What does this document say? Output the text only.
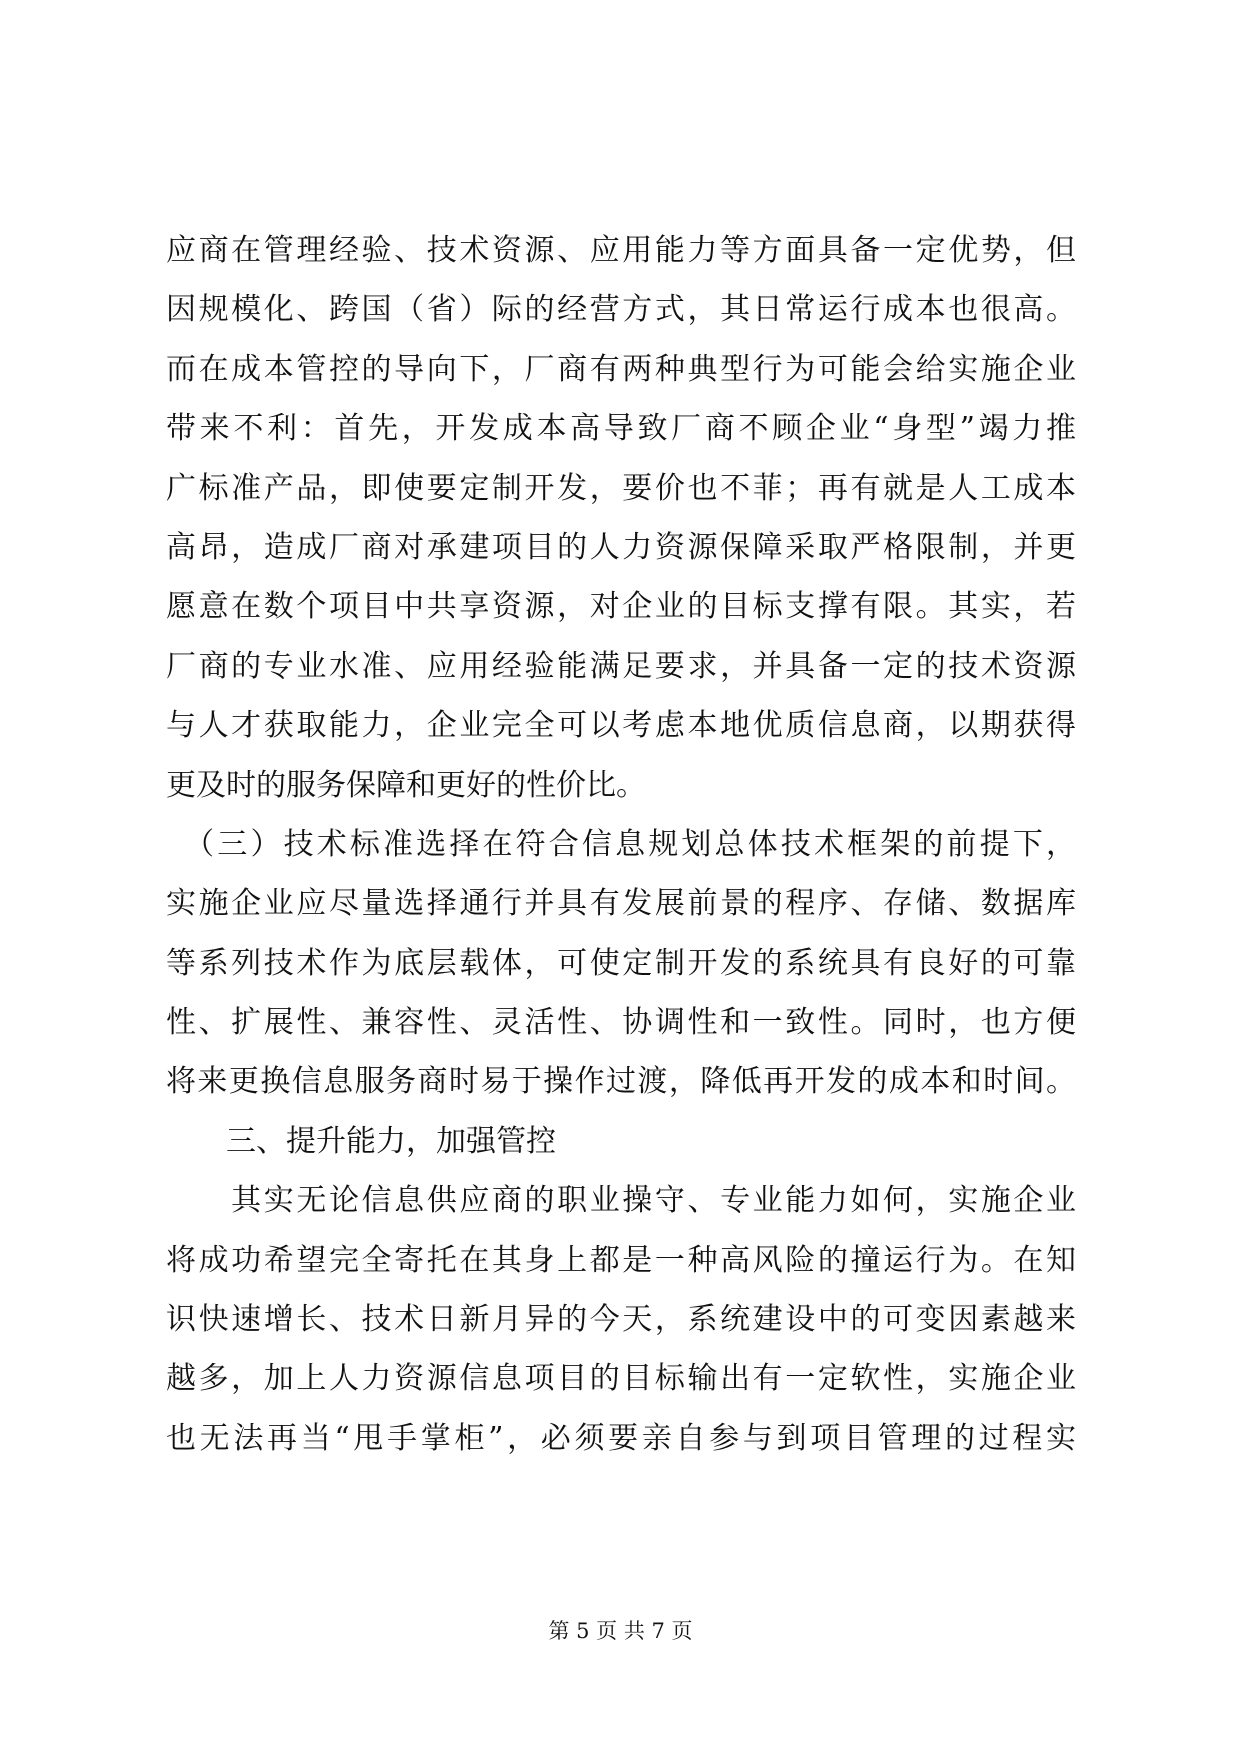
应商在管理经验、技术资源、应用能力等方面具备一定优势，但
因规模化、跨国（省）际的经营方式，其日常运行成本也很高。
而在成本管控的导向下，厂商有两种典型行为可能会给实施企业
带来不利：首先，开发成本高导致厂商不顾企业“身型”竭力推
广标准产品，即使要定制开发，要价也不菲；再有就是人工成本
高昂，造成厂商对承建项目的人力资源保障采取严格限制，并更
愿意在数个项目中共享资源，对企业的目标支撑有限。其实，若
厂商的专业水准、应用经验能满足要求，并具备一定的技术资源
与人才获取能力，企业完全可以考虑本地优质信息商，以期获得
更及时的服务保障和更好的性价比。
　（三）技术标准选择在符合信息规划总体技术框架的前提下，
实施企业应尽量选择通行并具有发展前景的程序、存储、数据库
等系列技术作为底层载体，可使定制开发的系统具有良好的可靠
性、扩展性、兼容性、灵活性、协调性和一致性。同时，也方便
将来更换信息服务商时易于操作过渡，降低再开发的成本和时间。
　　三、提升能力，加强管控
　　其实无论信息供应商的职业操守、专业能力如何，实施企业
将成功希望完全寄托在其身上都是一种高风险的撞运行为。在知
识快速增长、技术日新月异的今天，系统建设中的可变因素越来
越多，加上人力资源信息项目的目标输出有一定软性，实施企业
也无法再当“甩手掌柜”，必须要亲自参与到项目管理的过程实
第 5 页 共 7 页
